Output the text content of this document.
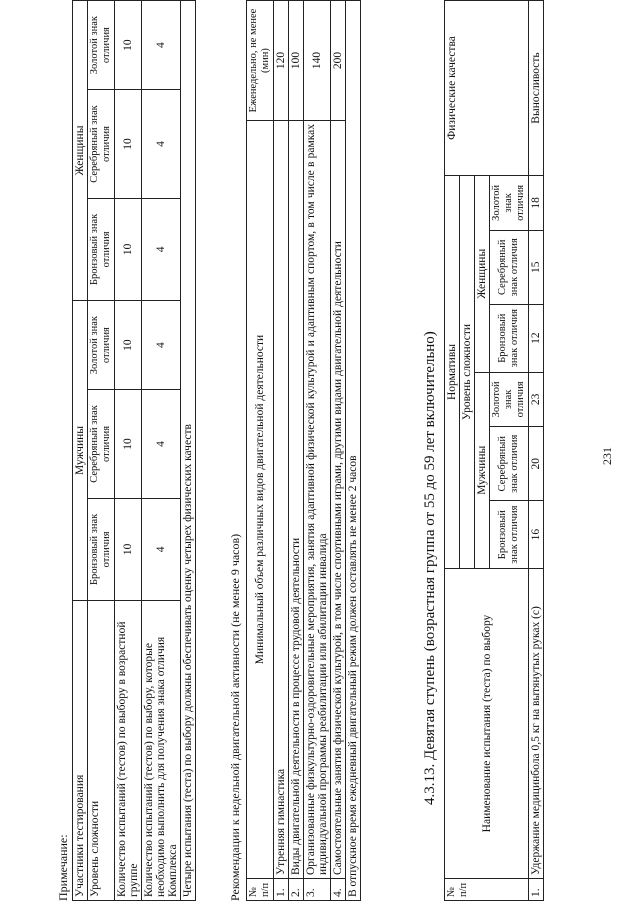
231
Примечание: Участники тестирования	Мужчины			Женщины		
Уровень сложности	Бронзовый знак отличия	Серебряный знак отличия	Золотой знак отличия	Бронзовый знак отличия	Серебряный знак отличия	Золотой знак отличия
Количество испытаний (тестов) по выбору в возрастной группе	10	10	10	10	10	10
Количество испытаний (тестов) по выбору, которые необходимо выполнить для получения знака отличия Комплекса	4	4	4	4	4	4
Четыре испытания (теста) по выбору должны обеспечивать оценку четырех физических качеств							Рекомендации к недельной двигательной активности (не менее 9 часов) № п/п	Минимальный объем различных видов двигательной деятельности	Еженедельно, не менее (мин)
1.	Утренняя гимнастика	120
2.	Виды двигательной деятельности в процессе трудовой деятельности	100
3.	Организованные физкультурно-оздоровительные мероприятия, занятия адаптивной физической культурой и адаптивным спортом, в том числе в рамках индивидуальной программы реабилитации или абилитации инвалида	140
4.	Самостоятельные занятия физической культурой, в том числе спортивными играми, другими видами двигательной деятельности	200
В отпускное время ежедневный двигательный режим должен составлять не менее 2 часов			4.3.13. Девятая ступень (возрастная группа от 55 до 59 лет включительно)
№ п/п	Наименование испытания (теста) по выбору	Нормативы						Физические качества
		Уровень сложности						
		Мужчины			Женщины			
		Бронзовый знак отличия	Серебряный знак отличия	Золотой знак отличия	Бронзовый знак отличия	Серебряный знак отличия	Золотой знак отличия	
1.	Удержание медицинбола 0,5 кг на вытянутых руках (с)	16	20	23	12	15	18	Выносливость
